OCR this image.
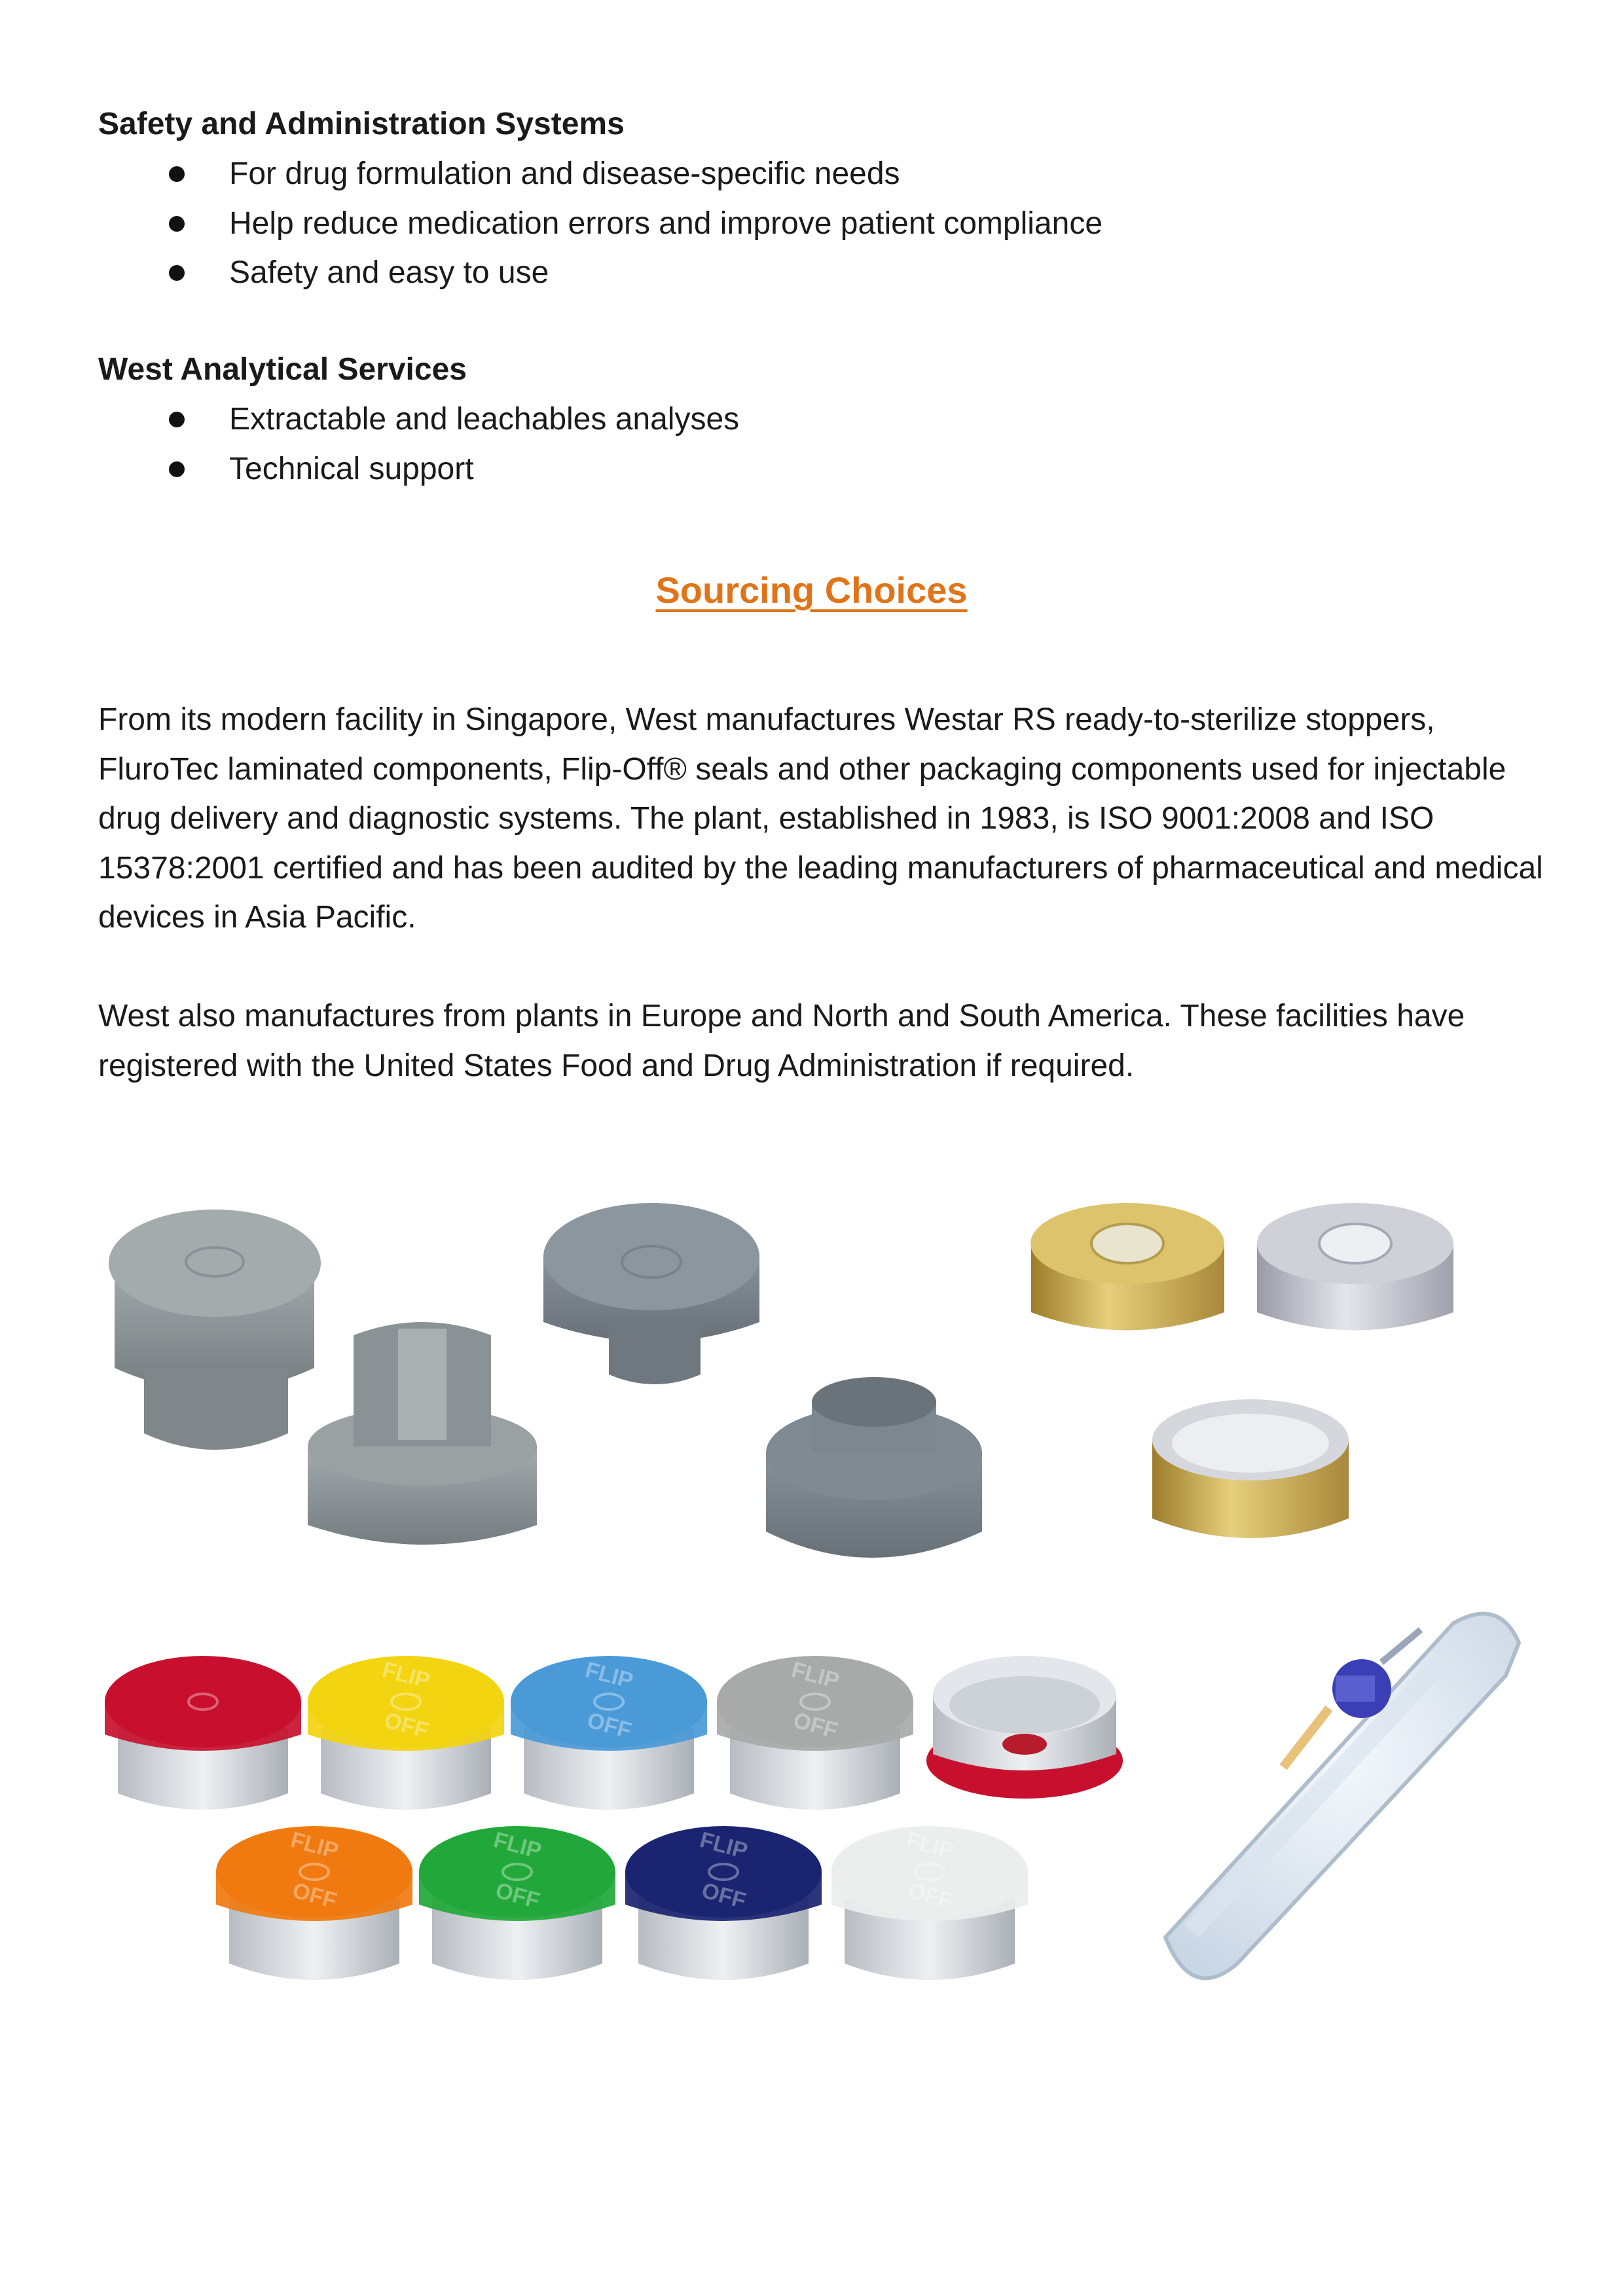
Safety and Administration Systems
For drug formulation and disease-specific needs
Help reduce medication errors and improve patient compliance
Safety and easy to use
West Analytical Services
Extractable and leachables analyses
Technical support
Sourcing Choices

From its modern facility in Singapore, West manufactures Westar RS ready-to-sterilize stoppers, FluroTec laminated components, Flip-Off® seals and other packaging components used for injectable drug delivery and diagnostic systems. The plant, established in 1983, is ISO 9001:2008 and ISO 15378:2001 certified and has been audited by the leading manufacturers of pharmaceutical and medical devices in Asia Pacific.

West also manufactures from plants in Europe and North and South America. These facilities have registered with the United States Food and Drug Administration if required.

FLIP
OFF
FLIP
OFF
FLIP
OFF
FLIP
OFF
FLIP
OFF
FLIP
OFF
FLIP
OFF
